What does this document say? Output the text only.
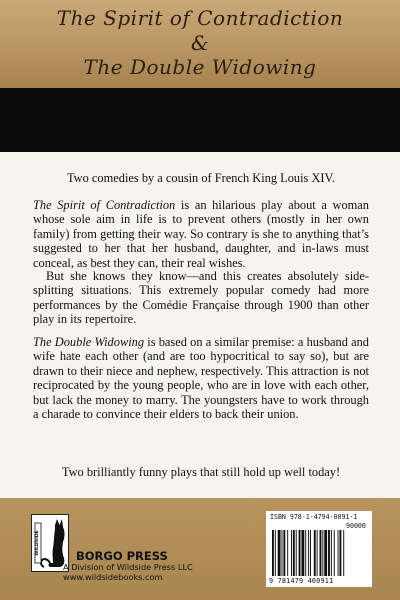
The Spirit of Contradiction
&
The Double Widowing
Two comedies by a cousin of French King Louis XIV.
The Spirit of Contradiction is an hilarious play about a woman whose sole aim in life is to prevent others (mostly in her own family) from getting their way. So contrary is she to anything that’s suggested to her that her husband, daughter, and in-laws must conceal, as best they can, their real wishes.
But she knows they know—and this creates absolutely side-splitting situations. This extremely popular comedy had more performances by the Comédie Française through 1900 than other play in its repertoire.
The Double Widowing is based on a similar premise: a husband and wife hate each other (and are too hypocritical to say so), but are drawn to their niece and nephew, respectively. This attraction is not reciprocated by the young people, who are in love with each other, but lack the money to marry. The youngsters have to work through a charade to convince their elders to back their union.
Two brilliantly funny plays that still hold up well today!
WILDSIDE
BORGO PRESS
A Division of Wildside Press LLC
www.wildsidebooks.com
ISBN 978-1-4794-0091-1
90000
9 781479 400911
